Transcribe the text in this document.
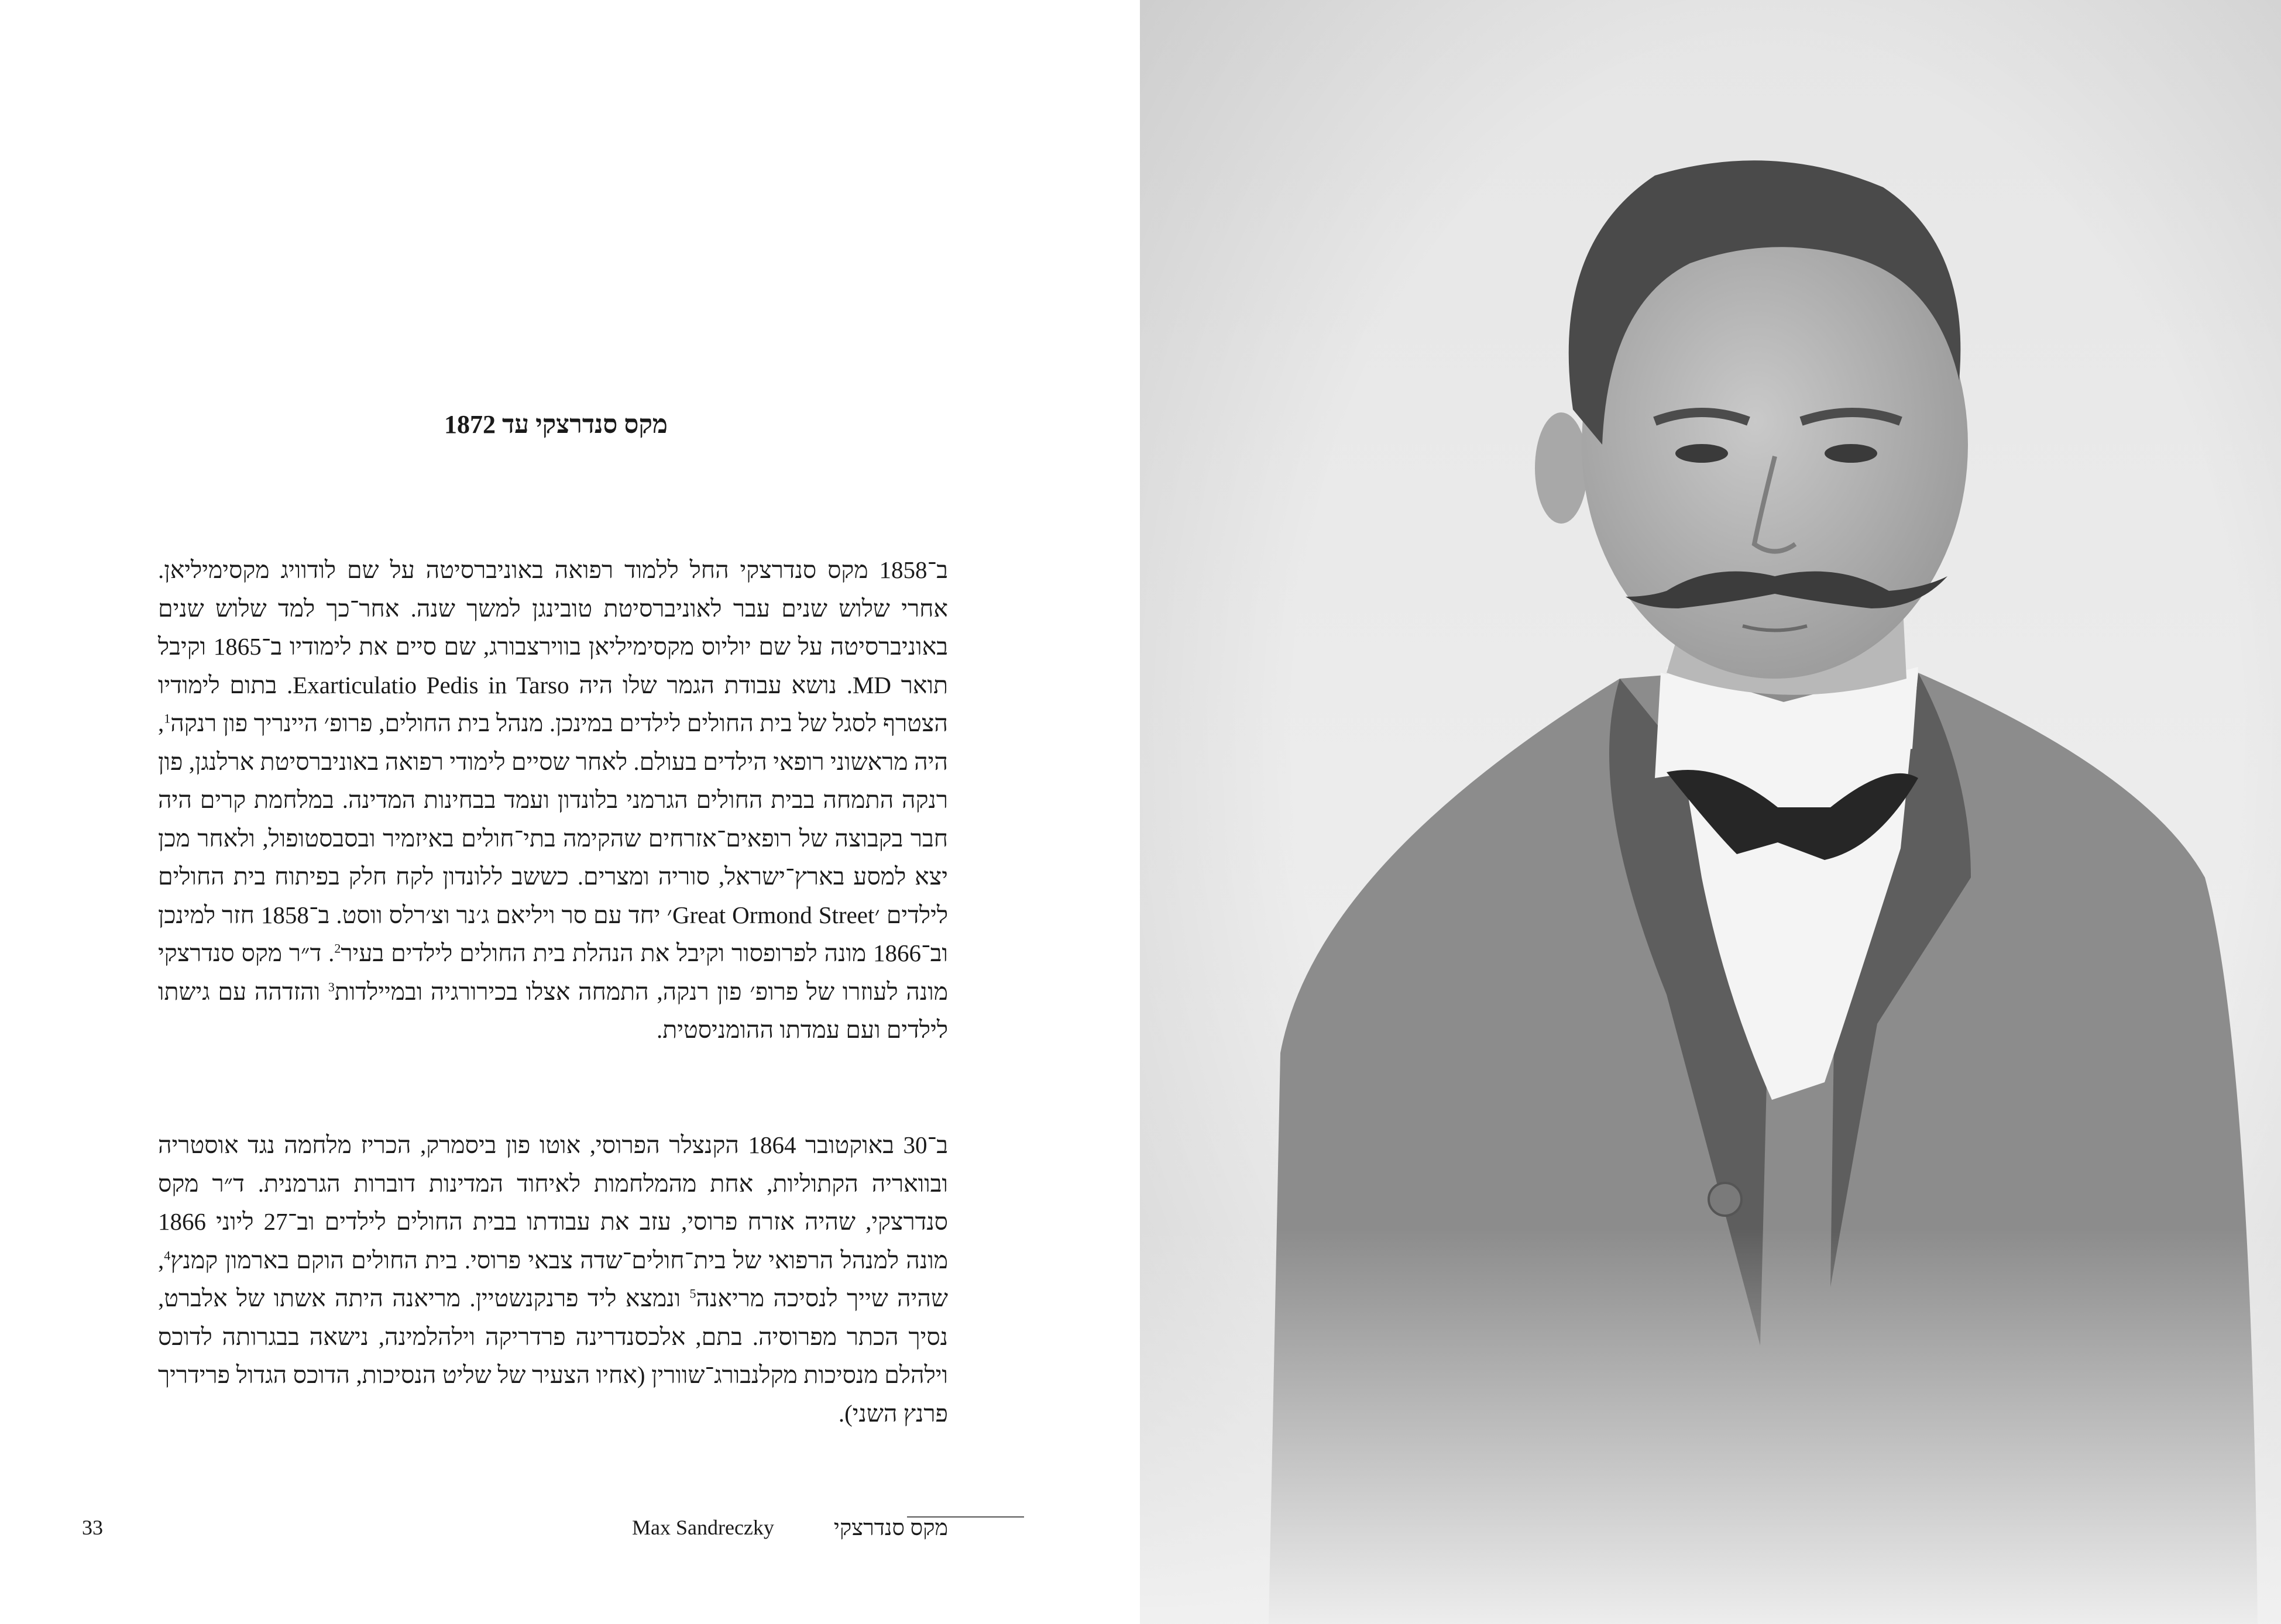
מקס סנדרצקי עד 1872

ב־1858 מקס סנדרצקי החל ללמוד רפואה באוניברסיטה על שם לודוויג מקסימיליאן. אחרי שלוש שנים עבר לאוניברסיטת טובינגן למשך שנה. אחר־כך למד שלוש שנים באוניברסיטה על שם יוליוס מקסימיליאן בווירצבורג, שם סיים את לימודיו ב־1865 וקיבל תואר MD. נושא עבודת הגמר שלו היה Exarticulatio Pedis in Tarso. בתום לימודיו הצטרף לסגל של בית החולים לילדים במינכן. מנהל בית החולים, פרופ׳ היינריך פון רנקה$^1$, היה מראשוני רופאי הילדים בעולם. לאחר שסיים לימודי רפואה באוניברסיטת ארלנגן, פון רנקה התמחה בבית החולים הגרמני בלונדון ועמד בבחינות המדינה. במלחמת קרים היה חבר בקבוצה של רופאים־אזרחים שהקימה בתי־חולים באיזמיר ובסבסטופול, ולאחר מכן יצא למסע בארץ־ישראל, סוריה ומצרים. כששב ללונדון לקח חלק בפיתוח בית החולים לילדים ׳Great Ormond Street׳ יחד עם סר ויליאם ג׳נר וצ׳רלס ווסט. ב־1858 חזר למינכן וב־1866 מונה לפרופסור וקיבל את הנהלת בית החולים לילדים בעיר$^2$. ד״ר מקס סנדרצקי מונה לעוזרו של פרופ׳ פון רנקה, התמחה אצלו בכירורגיה ובמיילדות$^3$ והזדהה עם גישתו לילדים ועם עמדתו ההומניסטית.

ב־30 באוקטובר 1864 הקנצלר הפרוסי, אוטו פון ביסמרק, הכריז מלחמה נגד אוסטריה ובוואריה הקתוליות, אחת מהמלחמות לאיחוד המדינות דוברות הגרמנית. ד״ר מקס סנדרצקי, שהיה אזרח פרוסי, עזב את עבודתו בבית החולים לילדים וב־27 ליוני 1866 מונה למנהל הרפואי של בית־חולים־שדה צבאי פרוסי. בית החולים הוקם בארמון קמנץ$^4$, שהיה שייך לנסיכה מריאנה$^5$ ונמצא ליד פרנקנשטיין. מריאנה היתה אשתו של אלברט, נסיך הכתר מפרוסיה. בתם, אלכסנדרינה פרדריקה וילהלמינה, נישאה בבגרותה לדוכס וילהלם מנסיכות מקלנבורג־שוורין (אחיו הצעיר של שליט הנסיכות, הדוכס הגדול פרידריך פרנץ השני).

מקס סנדרצקי
Max Sandreczky
33
